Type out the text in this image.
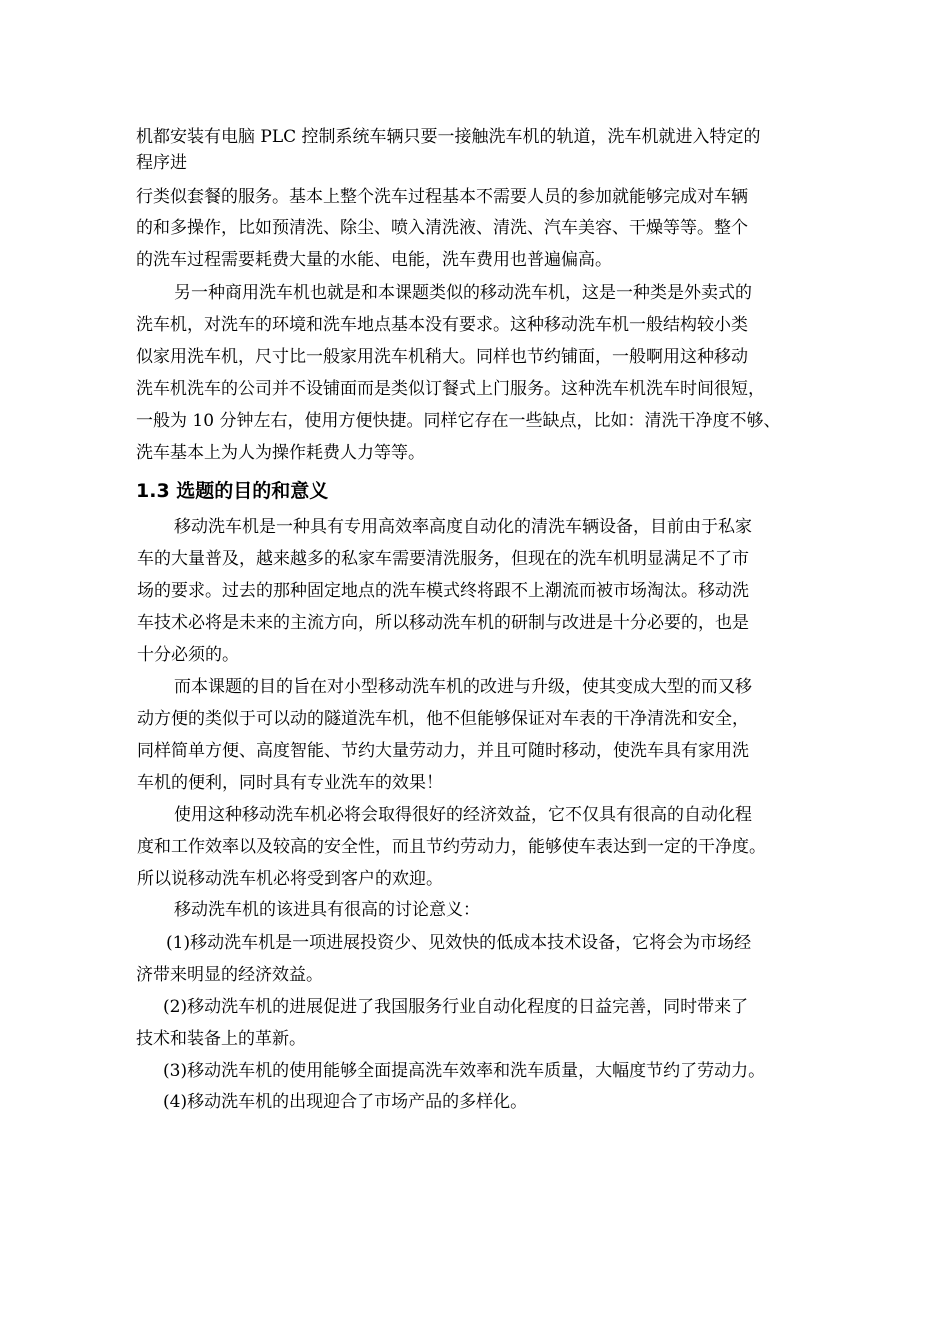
机都安装有电脑 PLC 控制系统车辆只要一接触洗车机的轨道，洗车机就进入特定的
程序进
行类似套餐的服务。基本上整个洗车过程基本不需要人员的参加就能够完成对车辆
的和多操作，比如预清洗、除尘、喷入清洗液、清洗、汽车美容、干燥等等。整个
的洗车过程需要耗费大量的水能、电能，洗车费用也普遍偏高。
另一种商用洗车机也就是和本课题类似的移动洗车机，这是一种类是外卖式的
洗车机，对洗车的环境和洗车地点基本没有要求。这种移动洗车机一般结构较小类
似家用洗车机，尺寸比一般家用洗车机稍大。同样也节约铺面，一般啊用这种移动
洗车机洗车的公司并不设铺面而是类似订餐式上门服务。这种洗车机洗车时间很短，
一般为 10 分钟左右，使用方便快捷。同样它存在一些缺点，比如：清洗干净度不够、
洗车基本上为人为操作耗费人力等等。
1.3 选题的目的和意义
移动洗车机是一种具有专用高效率高度自动化的清洗车辆设备，目前由于私家
车的大量普及，越来越多的私家车需要清洗服务，但现在的洗车机明显满足不了市
场的要求。过去的那种固定地点的洗车模式终将跟不上潮流而被市场淘汰。移动洗
车技术必将是未来的主流方向，所以移动洗车机的研制与改进是十分必要的，也是
十分必须的。
而本课题的目的旨在对小型移动洗车机的改进与升级，使其变成大型的而又移
动方便的类似于可以动的隧道洗车机，他不但能够保证对车表的干净清洗和安全，
同样简单方便、高度智能、节约大量劳动力，并且可随时移动，使洗车具有家用洗
车机的便利，同时具有专业洗车的效果！
使用这种移动洗车机必将会取得很好的经济效益，它不仅具有很高的自动化程
度和工作效率以及较高的安全性，而且节约劳动力，能够使车表达到一定的干净度。
所以说移动洗车机必将受到客户的欢迎。
移动洗车机的该进具有很高的讨论意义：
(1)移动洗车机是一项进展投资少、见效快的低成本技术设备，它将会为市场经
济带来明显的经济效益。
(2)移动洗车机的进展促进了我国服务行业自动化程度的日益完善，同时带来了
技术和装备上的革新。
(3)移动洗车机的使用能够全面提高洗车效率和洗车质量，大幅度节约了劳动力。
(4)移动洗车机的出现迎合了市场产品的多样化。
